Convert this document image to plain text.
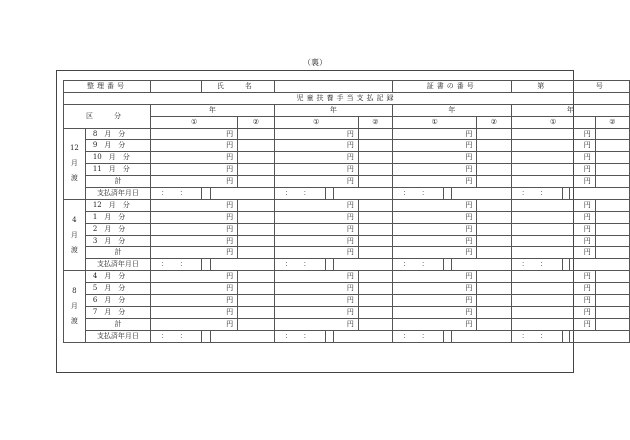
（裏）
整理番号			氏　名							証書の番号				第		号	
児童扶養手当支払記録																	
区　分		年				年				年				年			
		①			②	①			②	①			②	①			②

12
月
渡	8　月　分	円				円				円				円			
	9　月　分	円				円				円				円			
	10　月　分	円				円				円				円			
	11　月　分	円				円				円				円			
	計	円				円				円				円			
	支払済年月日	：　：				：　：				：　：				：　：			

4
月
渡	12　月　分	円				円				円				円			
	1　月　分	円				円				円				円			
	2　月　分	円				円				円				円			
	3　月　分	円				円				円				円			
	計	円				円				円				円			
	支払済年月日	：　：				：　：				：　：				：　：			

8
月
渡	4　月　分	円				円				円				円			
	5　月　分	円				円				円				円			
	6　月　分	円				円				円				円			
	7　月　分	円				円				円				円			
	計	円				円				円				円			
	支払済年月日	：　：				：　：				：　：				：　：			
